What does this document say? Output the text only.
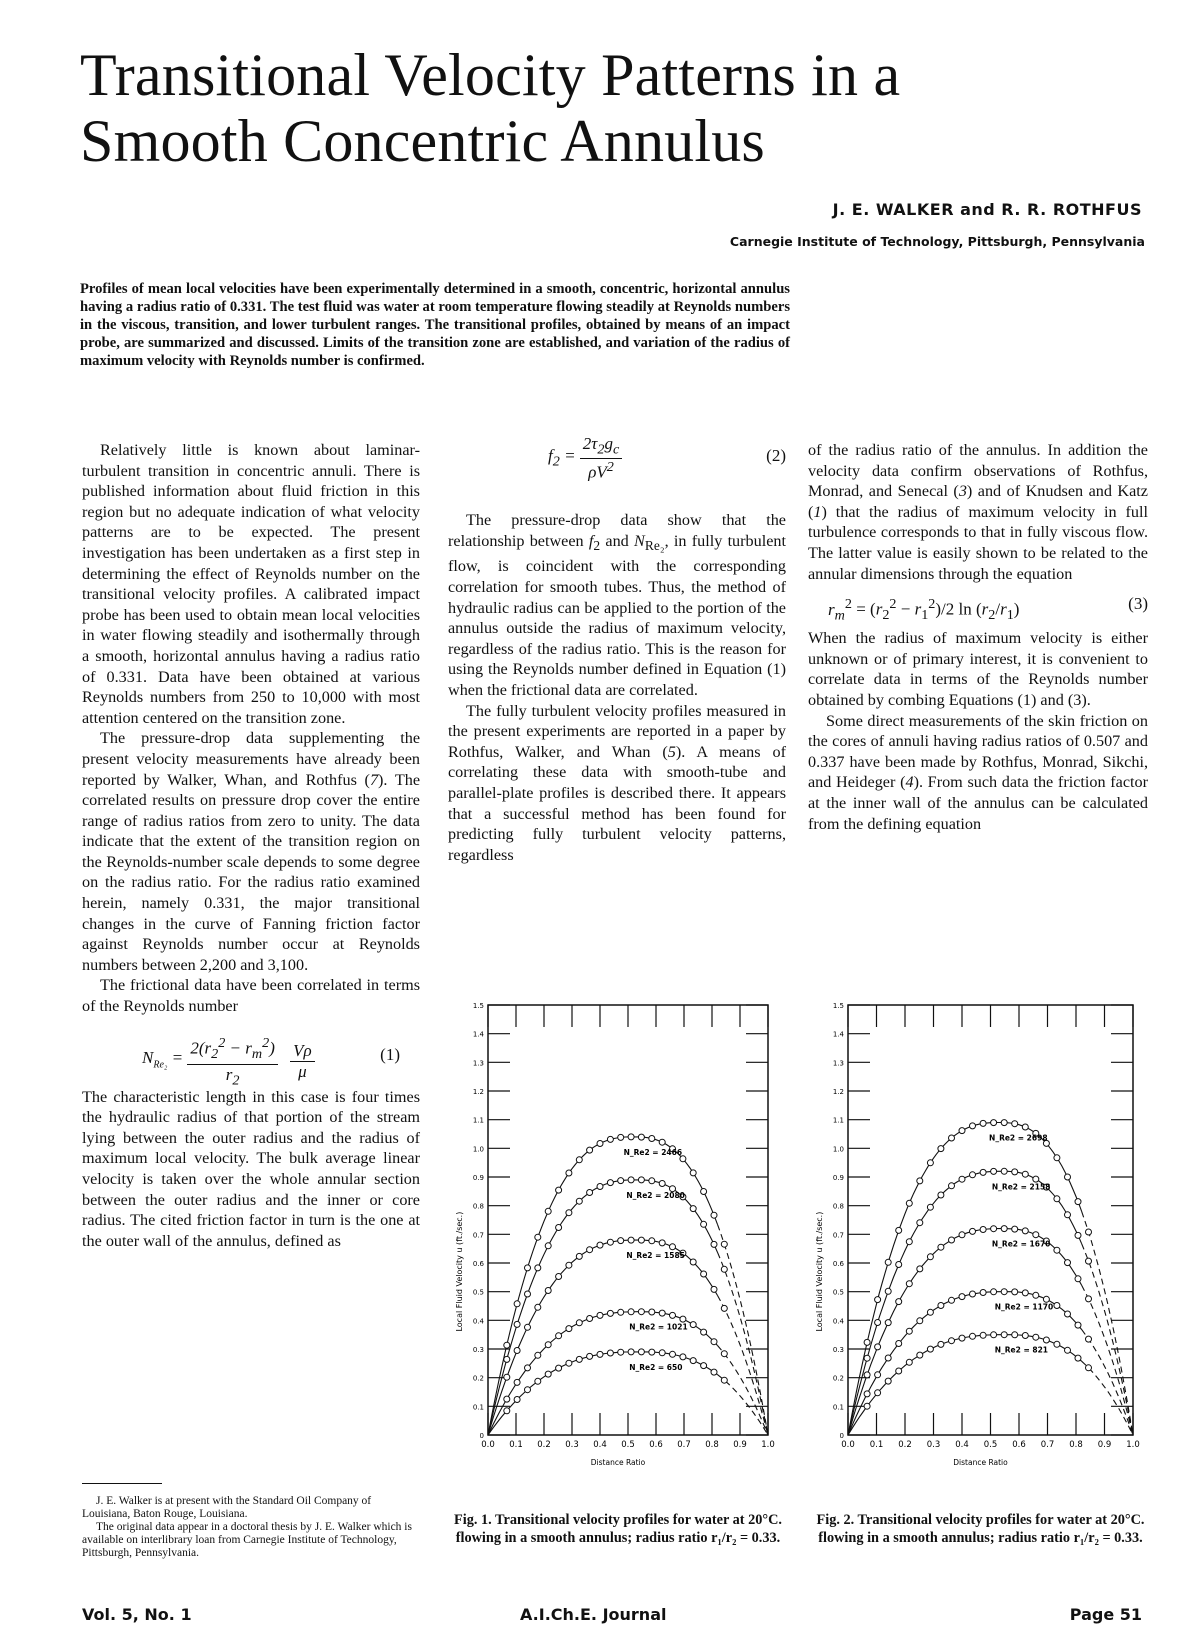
Transitional Velocity Patterns in a Smooth Concentric Annulus
J. E. WALKER and R. R. ROTHFUS
Carnegie Institute of Technology, Pittsburgh, Pennsylvania

Profiles of mean local velocities have been experimentally determined in a smooth, concentric, horizontal annulus having a radius ratio of 0.331. The test fluid was water at room temperature flowing steadily at Reynolds numbers in the viscous, transition, and lower turbulent ranges. The transitional profiles, obtained by means of an impact probe, are summarized and discussed. Limits of the transition zone are established, and variation of the radius of maximum velocity with Reynolds number is confirmed.

Relatively little is known about laminar-turbulent transition in concentric annuli. There is published information about fluid friction in this region but no adequate indication of what velocity patterns are to be expected. The present investigation has been undertaken as a first step in determining the effect of Reynolds number on the transitional velocity profiles. A calibrated impact probe has been used to obtain mean local velocities in water flowing steadily and isothermally through a smooth, horizontal annulus having a radius ratio of 0.331. Data have been obtained at various Reynolds numbers from 250 to 10,000 with most attention centered on the transition zone.

The pressure-drop data supplementing the present velocity measurements have already been reported by Walker, Whan, and Rothfus (7). The correlated results on pressure drop cover the entire range of radius ratios from zero to unity. The data indicate that the extent of the transition region on the Reynolds-number scale depends to some degree on the radius ratio. For the radius ratio examined herein, namely 0.331, the major transitional changes in the curve of Fanning friction factor against Reynolds number occur at Reynolds numbers between 2,200 and 3,100.

The frictional data have been correlated in terms of the Reynolds number

$N_{Re_2} = \frac{2(r_2^2 - r_m^2)}{r_2}$
$\frac{V\rho}{\mu}$	(1)

The characteristic length in this case is four times the hydraulic radius of that portion of the stream lying between the outer radius and the radius of maximum local velocity. The bulk average linear velocity is taken over the whole annular section between the outer radius and the inner or core radius. The cited friction factor in turn is the one at the outer wall of the annulus, defined as

$f_2 = \frac{2\tau_2g_c}{\rho V^2}$	(2)

The pressure-drop data show that the relationship between $f_2$ and $N_{Re_2}$, in fully turbulent flow, is coincident with the corresponding correlation for smooth tubes. Thus, the method of hydraulic radius can be applied to the portion of the annulus outside the radius of maximum velocity, regardless of the radius ratio. This is the reason for using the Reynolds number defined in Equation (1) when the frictional data are correlated.

The fully turbulent velocity profiles measured in the present experiments are reported in a paper by Rothfus, Walker, and Whan (5). A means of correlating these data with smooth-tube and parallel-plate profiles is described there. It appears that a successful method has been found for predicting fully turbulent velocity patterns, regardless

of the radius ratio of the annulus. In addition the velocity data confirm observations of Rothfus, Monrad, and Senecal (3) and of Knudsen and Katz (1) that the radius of maximum velocity in full turbulence corresponds to that in fully viscous flow. The latter value is easily shown to be related to the annular dimensions through the equation

$r_m^2 = (r_2^2 - r_1^2)/2$ $\ln (r_2/r_1)$	(3)

When the radius of maximum velocity is either unknown or of primary interest, it is convenient to correlate data in terms of the Reynolds number obtained by combing Equations (1) and (3).

Some direct measurements of the skin friction on the cores of annuli having radius ratios of 0.507 and 0.337 have been made by Rothfus, Monrad, Sikchi, and Heideger (4). From such data the friction factor at the inner wall of the annulus can be calculated from the defining equation

J. E. Walker is at present with the Standard Oil Company of Louisiana, Baton Rouge, Louisiana.

The original data appear in a doctoral thesis by J. E. Walker which is available on interlibrary loan from Carnegie Institute of Technology, Pittsburgh, Pennsylvania.

0
0.1
0.2
0.3
0.4
0.5
0.6
0.7
0.8
0.9
1.0
1.1
1.2
1.3
1.4
1.5
0.0 0.1 0.2 0.3 0.4 0.5 0.6 0.7 0.8 0.9 1.0
Distance Ratio
Local Fluid Velocity u (ft./sec.)
N_Re2 = 2466
N_Re2 = 2080
N_Re2 = 1585
N_Re2 = 1021
N_Re2 = 650
0
0.1
0.2
0.3
0.4
0.5
0.6
0.7
0.8
0.9
1.0
1.1
1.2
1.3
1.4
1.5
0.0 0.1 0.2 0.3 0.4 0.5 0.6 0.7 0.8 0.9 1.0
Distance Ratio
Local Fluid Velocity u (ft./sec.)
N_Re2 = 2698
N_Re2 = 2158
N_Re2 = 1670
N_Re2 = 1170
N_Re2 = 821
Fig. 1. Transitional velocity profiles for water at 20°C. flowing in a smooth annulus; radius ratio r₁/r₂ = 0.33.
Fig. 2. Transitional velocity profiles for water at 20°C. flowing in a smooth annulus; radius ratio r₁/r₂ = 0.33.
Vol. 5, No. 1	A.I.Ch.E. Journal	Page 51
